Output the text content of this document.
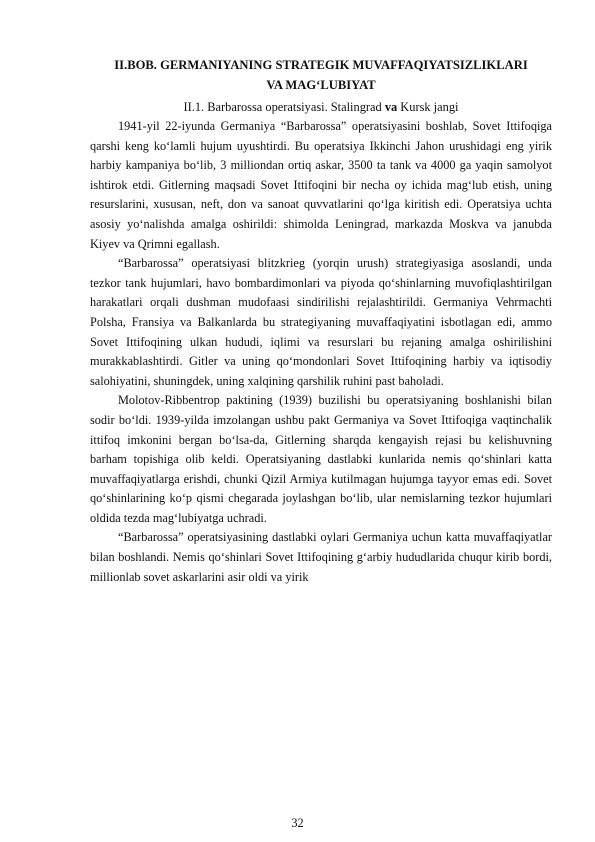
II.BOB. GERMANIYANING STRATEGIK MUVAFFAQIYATSIZLIKLARI
VA MAG‘LUBIYAT

II.1. Barbarossa operatsiyasi. Stalingrad va Kursk jangi

1941-yil 22-iyunda Germaniya “Barbarossa” operatsiyasini boshlab, Sovet Ittifoqiga qarshi keng ko‘lamli hujum uyushtirdi. Bu operatsiya Ikkinchi Jahon urushidagi eng yirik harbiy kampaniya bo‘lib, 3 milliondan ortiq askar, 3500 ta tank va 4000 ga yaqin samolyot ishtirok etdi. Gitlerning maqsadi Sovet Ittifoqini bir necha oy ichida mag‘lub etish, uning resurslarini, xususan, neft, don va sanoat quvvatlarini qo‘lga kiritish edi. Operatsiya uchta asosiy yo‘nalishda amalga oshirildi: shimolda Leningrad, markazda Moskva va janubda Kiyev va Qrimni egallash.

“Barbarossa” operatsiyasi blitzkrieg (yorqin urush) strategiyasiga asoslandi, unda tezkor tank hujumlari, havo bombardimonlari va piyoda qo‘shinlarning muvofiqlashtirilgan harakatlari orqali dushman mudofaasi sindirilishi rejalashtirildi. Germaniya Vehrmachti Polsha, Fransiya va Balkanlarda bu strategiyaning muvaffaqiyatini isbotlagan edi, ammo Sovet Ittifoqining ulkan hududi, iqlimi va resurslari bu rejaning amalga oshirilishini murakkablashtirdi. Gitler va uning qo‘mondonlari Sovet Ittifoqining harbiy va iqtisodiy salohiyatini, shuningdek, uning xalqining qarshilik ruhini past baholadi.

Molotov-Ribbentrop paktining (1939) buzilishi bu operatsiyaning boshlanishi bilan sodir bo‘ldi. 1939-yilda imzolangan ushbu pakt Germaniya va Sovet Ittifoqiga vaqtinchalik ittifoq imkonini bergan bo‘lsa-da, Gitlerning sharqda kengayish rejasi bu kelishuvning barham topishiga olib keldi. Operatsiyaning dastlabki kunlarida nemis qo‘shinlari katta muvaffaqiyatlarga erishdi, chunki Qizil Armiya kutilmagan hujumga tayyor emas edi. Sovet qo‘shinlarining ko‘p qismi chegarada joylashgan bo‘lib, ular nemislarning tezkor hujumlari oldida tezda mag‘lubiyatga uchradi.

“Barbarossa” operatsiyasining dastlabki oylari Germaniya uchun katta muvaffaqiyatlar bilan boshlandi. Nemis qo‘shinlari Sovet Ittifoqining g‘arbiy hududlarida chuqur kirib bordi, millionlab sovet askarlarini asir oldi va yirik

32
